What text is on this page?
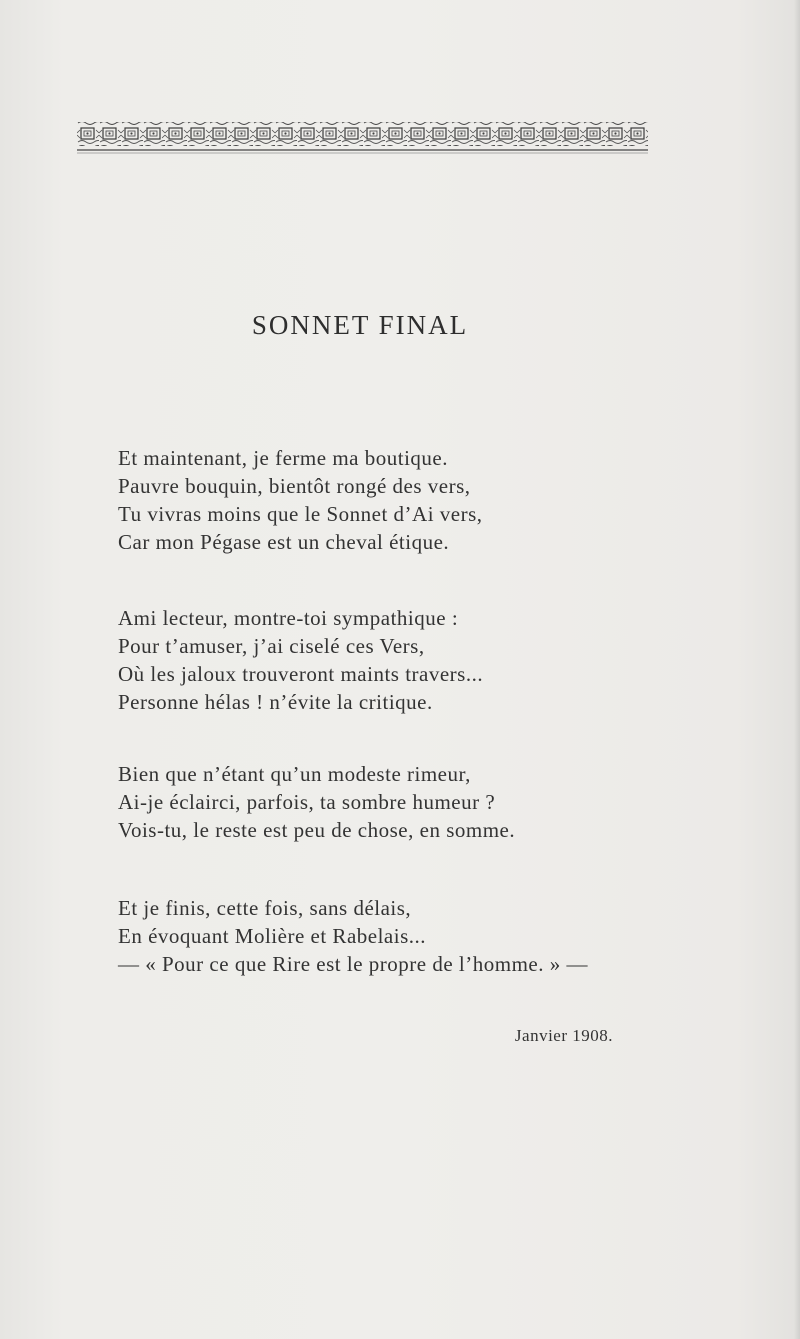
SONNET FINAL
Et maintenant, je ferme ma boutique.
Pauvre bouquin, bientôt rongé des vers,
Tu vivras moins que le Sonnet d’Ai vers,
Car mon Pégase est un cheval étique.
Ami lecteur, montre-toi sympathique :
Pour t’amuser, j’ai ciselé ces Vers,
Où les jaloux trouveront maints travers...
Personne hélas ! n’évite la critique.
Bien que n’étant qu’un modeste rimeur,
Ai-je éclairci, parfois, ta sombre humeur ?
Vois-tu, le reste est peu de chose, en somme.
Et je finis, cette fois, sans délais,
En évoquant Molière et Rabelais...
— « Pour ce que Rire est le propre de l’homme. » —
Janvier 1908.
